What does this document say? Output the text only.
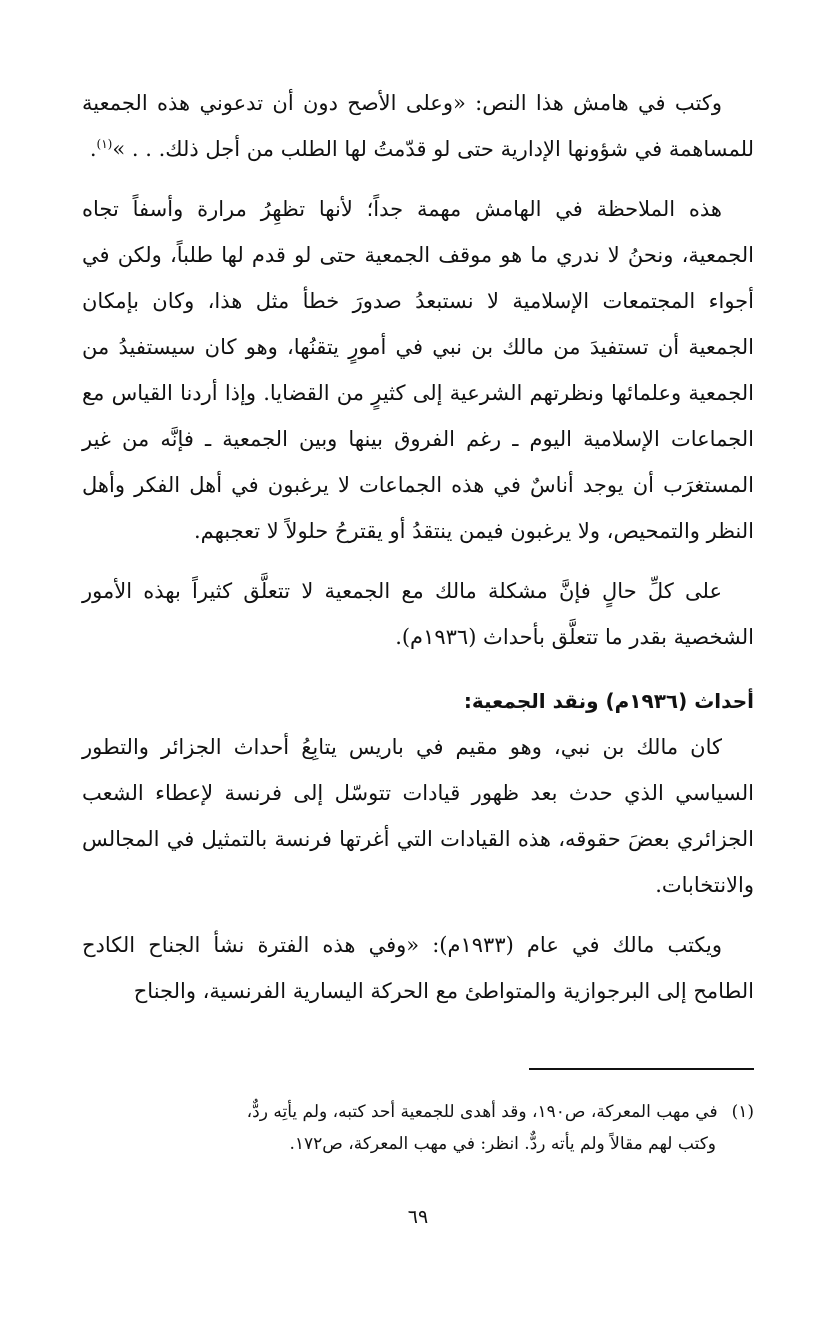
وكتب في هامش هذا النص: «وعلى الأصح دون أن تدعوني هذه الجمعية للمساهمة في شؤونها الإدارية حتى لو قدّمتُ لها الطلب من أجل ذلك. . . »$^{(١)}$.

هذه الملاحظة في الهامش مهمة جداً؛ لأنها تظهِرُ مرارة وأسفاً تجاه الجمعية، ونحنُ لا ندري ما هو موقف الجمعية حتى لو قدم لها طلباً، ولكن في أجواء المجتمعات الإسلامية لا نستبعدُ صدورَ خطأ مثل هذا، وكان بإمكان الجمعية أن تستفيدَ من مالك بن نبي في أمورٍ يتقنُها، وهو كان سيستفيدُ من الجمعية وعلمائها ونظرتهم الشرعية إلى كثيرٍ من القضايا. وإذا أردنا القياس مع الجماعات الإسلامية اليوم ـ رغم الفروق بينها وبين الجمعية ـ فإنَّه من غير المستغرَب أن يوجد أناسٌ في هذه الجماعات لا يرغبون في أهل الفكر وأهل النظر والتمحيص، ولا يرغبون فيمن ينتقدُ أو يقترحُ حلولاً لا تعجبهم.

على كلِّ حالٍ فإنَّ مشكلة مالك مع الجمعية لا تتعلَّق كثيراً بهذه الأمور الشخصية بقدر ما تتعلَّق بأحداث (١٩٣٦م).

أحداث (١٩٣٦م) ونقد الجمعية:

كان مالك بن نبي، وهو مقيم في باريس يتابِعُ أحداث الجزائر والتطور السياسي الذي حدث بعد ظهور قيادات تتوسّل إلى فرنسة لإعطاء الشعب الجزائري بعضَ حقوقه، هذه القيادات التي أغرتها فرنسة بالتمثيل في المجالس والانتخابات.

ويكتب مالك في عام (١٩٣٣م): «وفي هذه الفترة نشأ الجناح الكادح الطامح إلى البرجوازية والمتواطئ مع الحركة اليسارية الفرنسية، والجناح

(١)في مهب المعركة، ص١٩٠، وقد أهدى للجمعية أحد كتبه، ولم يأتِه ردٌّ،
وكتب لهم مقالاً ولم يأته ردٌّ. انظر: في مهب المعركة، ص١٧٢.
٦٩
